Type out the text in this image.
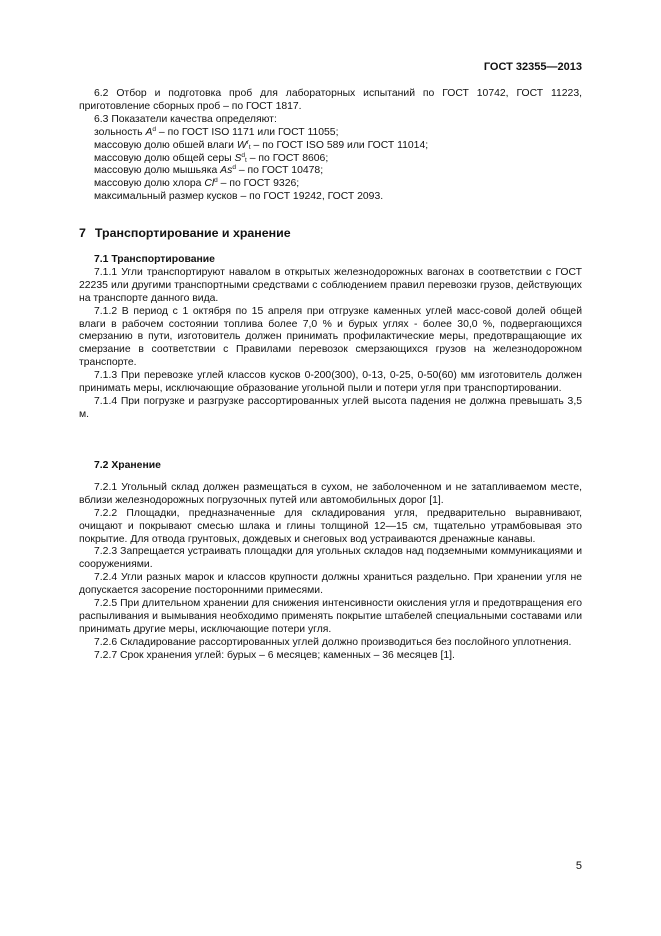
ГОСТ 32355—2013

6.2 Отбор и подготовка проб для лабораторных испытаний по ГОСТ 10742, ГОСТ 11223, приготовление сборных проб – по ГОСТ 1817.

6.3 Показатели качества определяют:

зольность $A^d$ – по ГОСТ ISO 1171 или ГОСТ 11055;
массовую долю обшей влаги $W^r_t$ – по ГОСТ ISO 589 или ГОСТ 11014;
массовую долю общей серы $S^d_t$ – по ГОСТ 8606;
массовую долю мышьяка As$^d$ – по ГОСТ 10478;
массовую долю хлора Cl$^d$ – по ГОСТ 9326;
максимальный размер кусков – по ГОСТ 19242, ГОСТ 2093.
7 Транспортирование и хранение

7.1 Транспортирование

7.1.1 Угли транспортируют навалом в открытых железнодорожных вагонах в соответствии с ГОСТ 22235 или другими транспортными средствами с соблюдением правил перевозки грузов, действующих на транспорте данного вида.

7.1.2 В период с 1 октября по 15 апреля при отгрузке каменных углей масс-совой долей общей влаги в рабочем состоянии топлива более 7,0 % и бурых углях - более 30,0 %, подвергающихся смерзанию в пути, изготовитель должен принимать профилактические меры, предотвращающие их смерзание в соответствии с Правилами перевозок смерзающихся грузов на железнодорожном транспорте.

7.1.3 При перевозке углей классов кусков 0-200(300), 0-13, 0-25, 0-50(60) мм изготовитель должен принимать меры, исключающие образование угольной пыли и потери угля при транспортировании.

7.1.4 При погрузке и разгрузке рассортированных углей высота падения не должна превышать 3,5 м.

7.2 Хранение

7.2.1 Угольный склад должен размещаться в сухом, не заболоченном и не затапливаемом месте, вблизи железнодорожных погрузочных путей или автомобильных дорог [1].

7.2.2 Площадки, предназначенные для складирования угля, предварительно выравнивают, очищают и покрывают смесью шлака и глины толщиной 12—15 см, тщательно утрамбовывая это покрытие. Для отвода грунтовых, дождевых и снеговых вод устраиваются дренажные канавы.

7.2.3 Запрещается устраивать площадки для угольных складов над подземными коммуникациями и сооружениями.

7.2.4 Угли разных марок и классов крупности должны храниться раздельно. При хранении угля не допускается засорение посторонними примесями.

7.2.5 При длительном хранении для снижения интенсивности окисления угля и предотвращения его распыливания и вымывания необходимо применять покрытие штабелей специальными составами или принимать другие меры, исключающие потери угля.

7.2.6 Складирование рассортированных углей должно производиться без послойного уплотнения.

7.2.7 Срок хранения углей: бурых – 6 месяцев; каменных – 36 месяцев [1].

5
